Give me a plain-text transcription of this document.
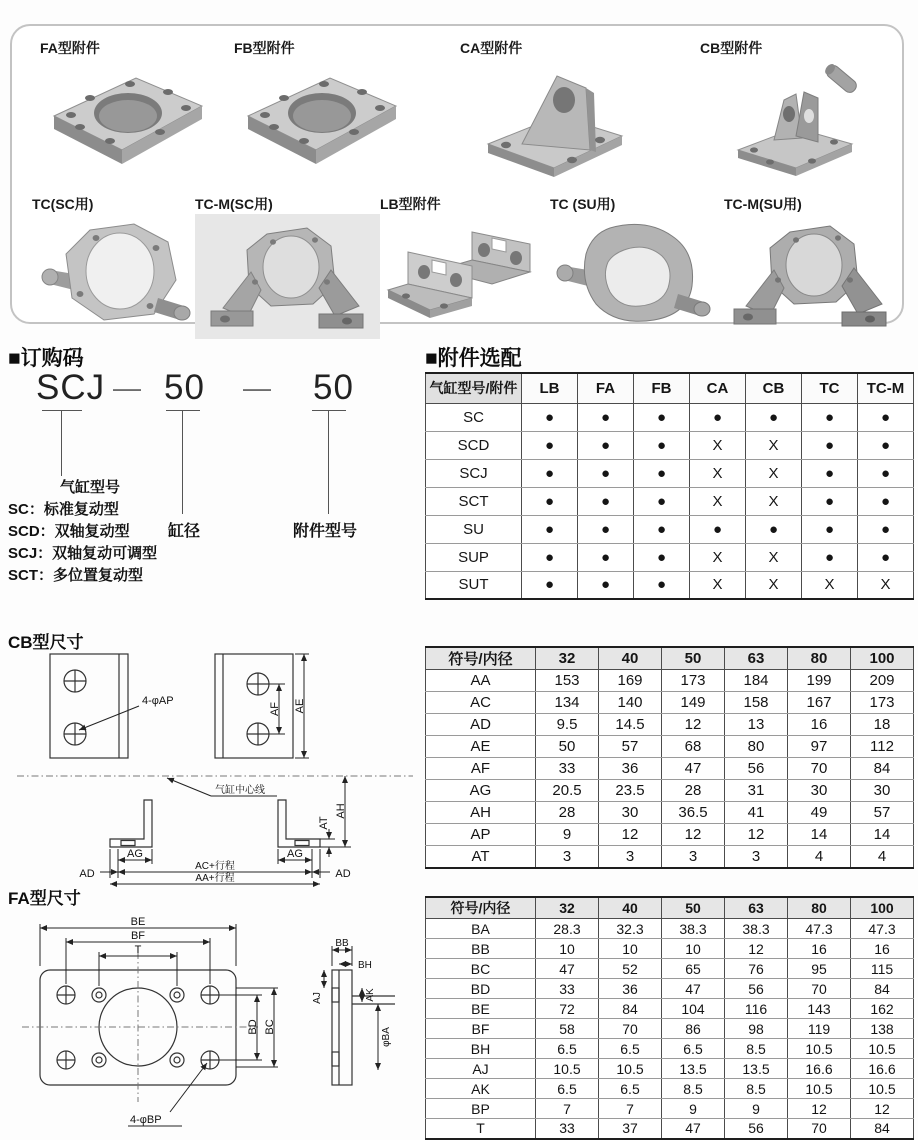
FA型附件	FB型附件	CA型附件	CB型附件
TC(SC用)	TC-M(SC用)	LB型附件	TC (SU用)	TC-M(SU用)
■订购码
SCJ — 50 — 50
气缸型号
SC：标准复动型
SCD：双轴复动型
SCJ：双轴复动可调型
SCT：多位置复动型
缸径	附件型号
■附件选配
气缸型号/附件	LB	FA	FB	CA	CB	TC	TC-M
SC	●	●	●	●	●	●	●
SCD	●	●	●	X	X	●	●
SCJ	●	●	●	X	X	●	●
SCT	●	●	●	X	X	●	●
SU	●	●	●	●	●	●	●
SUP	●	●	●	X	X	●	●
SUT	●	●	●	X	X	X	X
CB型尺寸
4-φAP
AF AE
气缸中心线
AT
AH
AG	AG
AD	AD
AC+行程
AA+行程
符号/内径	32	40	50	63	80	100
AA	153	169	173	184	199	209
AC	134	140	149	158	167	173
AD	9.5	14.5	12	13	16	18
AE	50	57	68	80	97	112
AF	33	36	47	56	70	84
AG	20.5	23.5	28	31	30	30
AH	28	30	36.5	41	49	57
AP	9	12	12	12	14	14
AT	3	3	3	3	4	4
FA型尺寸
BE
BF
T
BD BC
4-φBP
BB
BH
AK
AJ
φBA
符号/内径	32	40	50	63	80	100
BA	28.3	32.3	38.3	38.3	47.3	47.3
BB	10	10	10	12	16	16
BC	47	52	65	76	95	115
BD	33	36	47	56	70	84
BE	72	84	104	116	143	162
BF	58	70	86	98	119	138
BH	6.5	6.5	6.5	8.5	10.5	10.5
AJ	10.5	10.5	13.5	13.5	16.6	16.6
AK	6.5	6.5	8.5	8.5	10.5	10.5
BP	7	7	9	9	12	12
T	33	37	47	56	70	84
